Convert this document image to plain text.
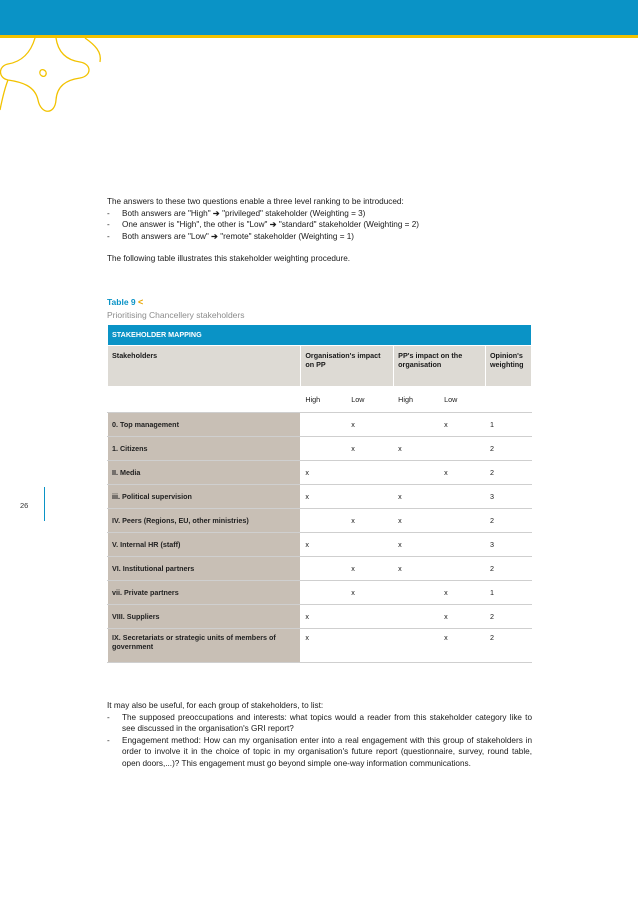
The answers to these two questions enable a three level ranking to be introduced:

- Both answers are "High" ➔ "privileged" stakeholder (Weighting = 3)
- One answer is "High", the other is "Low" ➔ "standard" stakeholder (Weighting = 2)
- Both answers are "Low" ➔ "remote" stakeholder (Weighting = 1)

The following table illustrates this stakeholder weighting procedure.

Table 9 <
Prioritising Chancellery stakeholders
STAKEHOLDER MAPPING					
Stakeholders	Organisation's impact on PP		PP's impact on the organisation		Opinion's weighting
	High	Low	High	Low	
0. Top management		x		x	1
1. Citizens		x	x		2
II. Media	x			x	2
iii. Political supervision	x		x		3
IV. Peers (Regions, EU, other ministries)		x	x		2
V. Internal HR (staff)	x		x		3
VI. Institutional partners		x	x		2
vii. Private partners		x		x	1
VIII. Suppliers	x			x	2
IX. Secretariats or strategic units of members of government	x			x	2

It may also be useful, for each group of stakeholders, to list:

- The supposed preoccupations and interests: what topics would a reader from this stakeholder category like to see discussed in the organisation's GRI report?
- Engagement method: How can my organisation enter into a real engagement with this group of stakeholders in order to involve it in the choice of topic in my organisation's future report (questionnaire, survey, round table, open doors,...)? This engagement must go beyond simple one-way information communications.
26
